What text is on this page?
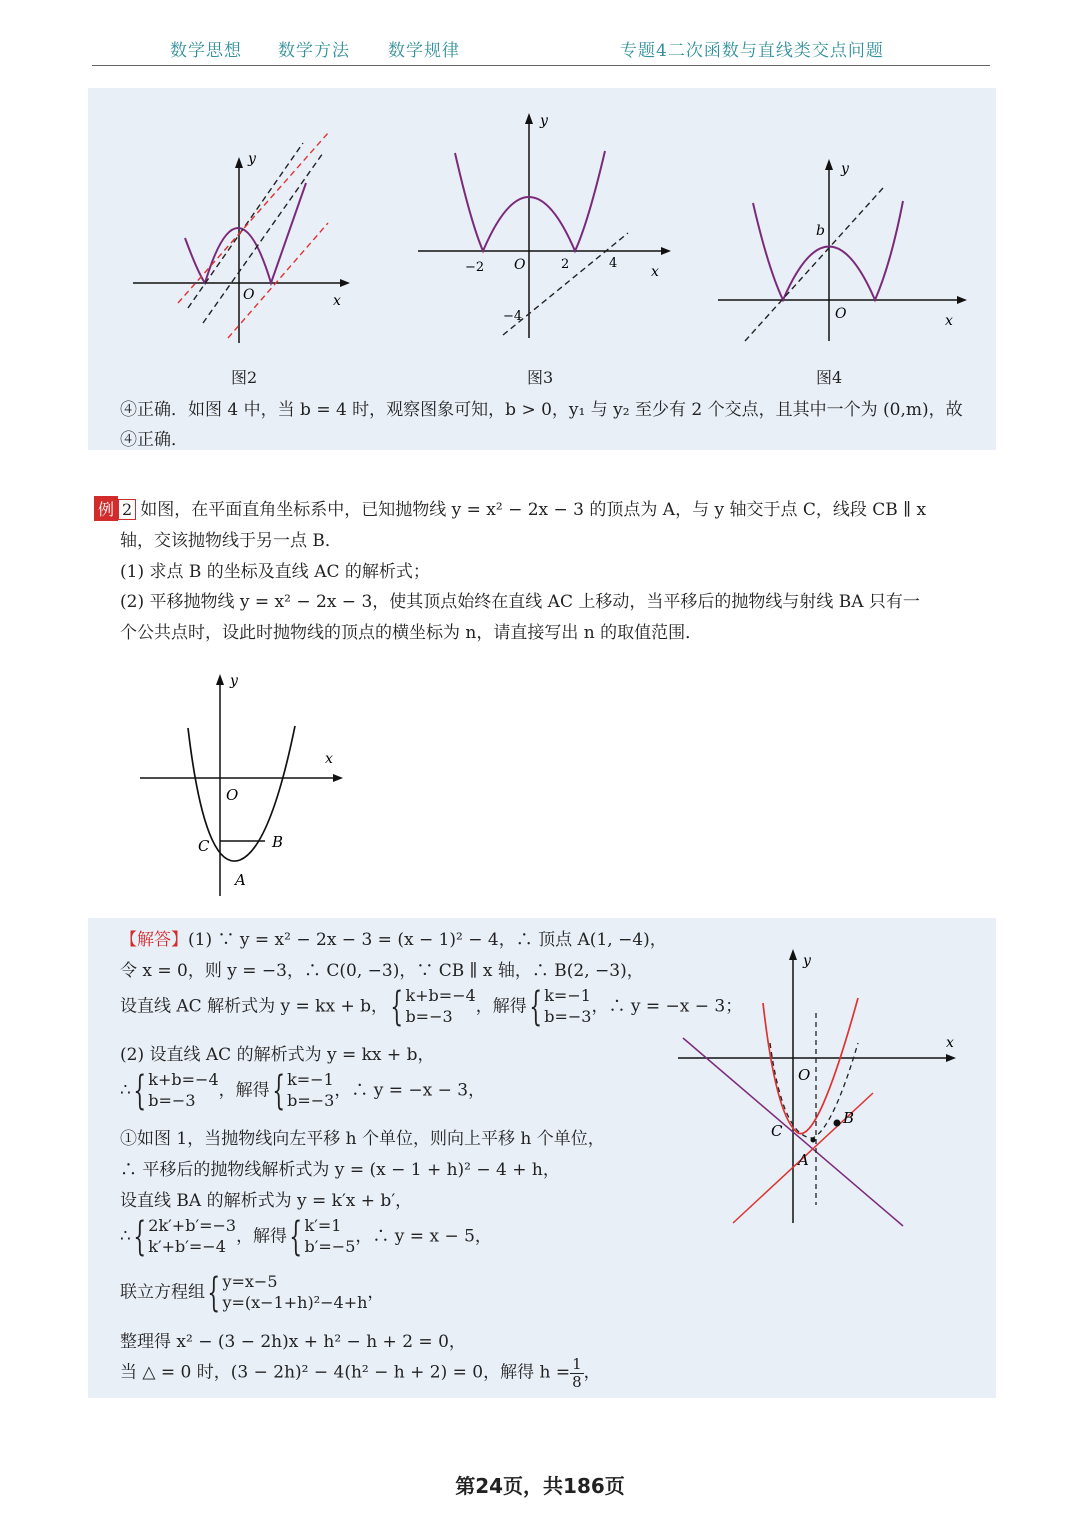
数学思想 数学方法 数学规律	专题4二次函数与直线类交点问题
y
x
O
y
x
O
−2	2	4
−4
y
x
O
b
图2	图3	图4
④正确．如图 4 中，当 b = 4 时，观察图象可知，b > 0，y₁ 与 y₂ 至少有 2 个交点，且其中一个为 (0,m)，故
④正确．
例 2 如图，在平面直角坐标系中，已知抛物线 y = x² − 2x − 3 的顶点为 A，与 y 轴交于点 C，线段 CB ∥ x
轴，交该抛物线于另一点 B．
(1) 求点 B 的坐标及直线 AC 的解析式；
(2) 平移抛物线 y = x² − 2x − 3，使其顶点始终在直线 AC 上移动，当平移后的抛物线与射线 BA 只有一
个公共点时，设此时抛物线的顶点的横坐标为 n，请直接写出 n 的取值范围．
y
x
O
C	B
A
y
x
O
C
B
A
【解答】(1) ∵ y = x² − 2x − 3 = (x − 1)² − 4，∴ 顶点 A(1, −4)，
令 x = 0，则 y = −3，∴ C(0, −3)，∵ CB ∥ x 轴，∴ B(2, −3)，
设直线 AC 解析式为 y = kx + b，{ k+b=−4
b=−3	，解得{ k=−1
b=−3 ，∴ y = −x − 3；
(2) 设直线 AC 的解析式为 y = kx + b，
∴{ k+b=−4
b=−3	，解得{ k=−1
b=−3 ，∴ y = −x − 3，
①如图 1，当抛物线向左平移 h 个单位，则向上平移 h 个单位，
∴ 平移后的抛物线解析式为 y = (x − 1 + h)² − 4 + h，
设直线 BA 的解析式为 y = k′x + b′，
∴{ 2k′+b′=−3
k′+b′=−4 ，解得{ k′=1
b′=−5 ，∴ y = x − 5，
联立方程组{ y=x−5
y=(x−1+h)²−4+h ，
整理得 x² − (3 − 2h)x + h² − h + 2 = 0，
当 △ = 0 时，(3 − 2h)² − 4(h² − h + 2) = 0，解得 $h = \frac{1}{8}$ ，
第24页，共186页
